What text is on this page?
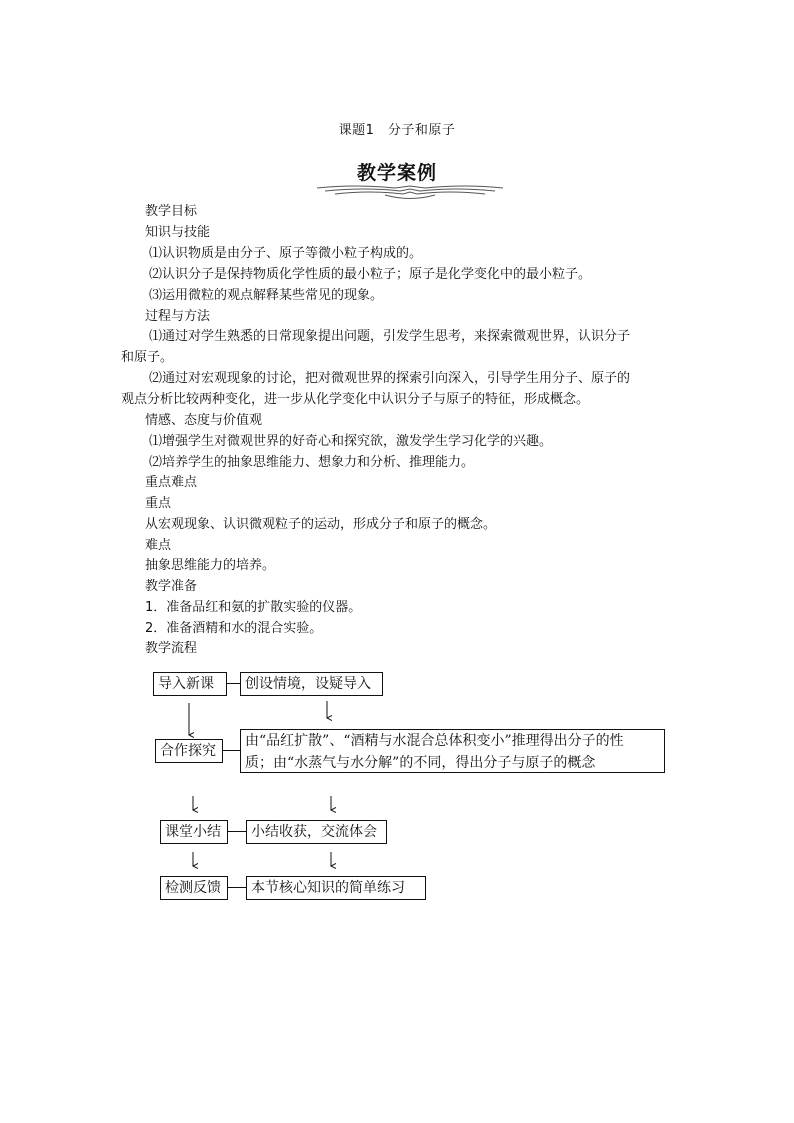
课题1　分子和原子
教学案例
教学目标
知识与技能
⑴认识物质是由分子、原子等微小粒子构成的。
⑵认识分子是保持物质化学性质的最小粒子；原子是化学变化中的最小粒子。
⑶运用微粒的观点解释某些常见的现象。
过程与方法
⑴通过对学生熟悉的日常现象提出问题，引发学生思考，来探索微观世界，认识分子
和原子。
⑵通过对宏观现象的讨论，把对微观世界的探索引向深入，引导学生用分子、原子的
观点分析比较两种变化，进一步从化学变化中认识分子与原子的特征，形成概念。
情感、态度与价值观
⑴增强学生对微观世界的好奇心和探究欲，激发学生学习化学的兴趣。
⑵培养学生的抽象思维能力、想象力和分析、推理能力。
重点难点
重点
从宏观现象、认识微观粒子的运动，形成分子和原子的概念。
难点
抽象思维能力的培养。
教学准备
1．准备品红和氨的扩散实验的仪器。
2．准备酒精和水的混合实验。
教学流程
导入新课	创设情境，设疑导入
合作探究
由“品红扩散”、“酒精与水混合总体积变小”推理得出分子的性
质；由“水蒸气与水分解”的不同，得出分子与原子的概念
课堂小结	小结收获，交流体会
检测反馈	本节核心知识的简单练习
